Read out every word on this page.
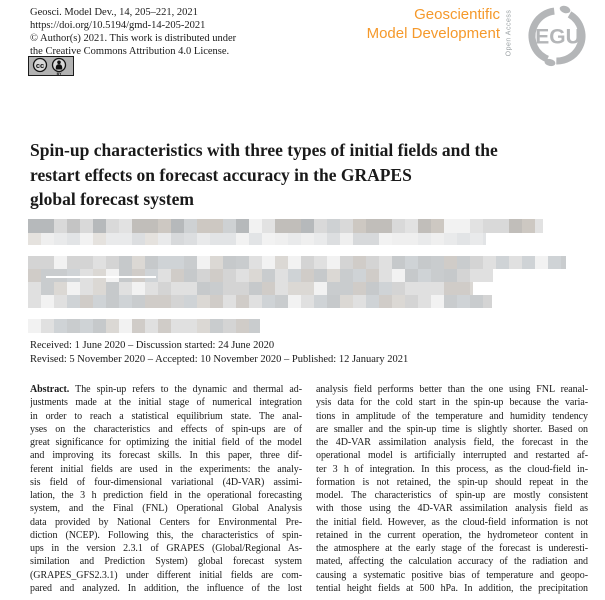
Geosci. Model Dev., 14, 205–221, 2021
https://doi.org/10.5194/gmd-14-205-2021
© Author(s) 2021. This work is distributed under
the Creative Commons Attribution 4.0 License.
cc
BY
Geoscientific
Model Development Open Access EGU
Spin-up characteristics with three types of initial fields and the
restart effects on forecast accuracy in the GRAPES
global forecast system
Received: 1 June 2020 – Discussion started: 24 June 2020
Revised: 5 November 2020 – Accepted: 10 November 2020 – Published: 12 January 2021
Abstract. The spin-up refers to the dynamic and thermal ad-
justments made at the initial stage of numerical integration
in order to reach a statistical equilibrium state. The anal-
yses on the characteristics and effects of spin-ups are of
great significance for optimizing the initial field of the model
and improving its forecast skills. In this paper, three dif-
ferent initial fields are used in the experiments: the analy-
sis field of four-dimensional variational (4D-VAR) assimi-
lation, the 3 h prediction field in the operational forecasting
system, and the Final (FNL) Operational Global Analysis
data provided by National Centers for Environmental Pre-
diction (NCEP). Following this, the characteristics of spin-
ups in the version 2.3.1 of GRAPES (Global/Regional As-
similation and Prediction System) global forecast system
(GRAPES_GFS2.3.1) under different initial fields are com-
pared and analyzed. In addition, the influence of the lost
analysis field performs better than the one using FNL reanal-
ysis data for the cold start in the spin-up because the varia-
tions in amplitude of the temperature and humidity tendency
are smaller and the spin-up time is slightly shorter. Based on
the 4D-VAR assimilation analysis field, the forecast in the
operational model is artificially interrupted and restarted af-
ter 3 h of integration. In this process, as the cloud-field in-
formation is not retained, the spin-up should repeat in the
model. The characteristics of spin-up are mostly consistent
with those using the 4D-VAR assimilation analysis field as
the initial field. However, as the cloud-field information is not
retained in the current operation, the hydrometeor content in
the atmosphere at the early stage of the forecast is underesti-
mated, affecting the calculation accuracy of the radiation and
causing a systematic positive bias of temperature and geopo-
tential height fields at 500 hPa. In addition, the precipitation
